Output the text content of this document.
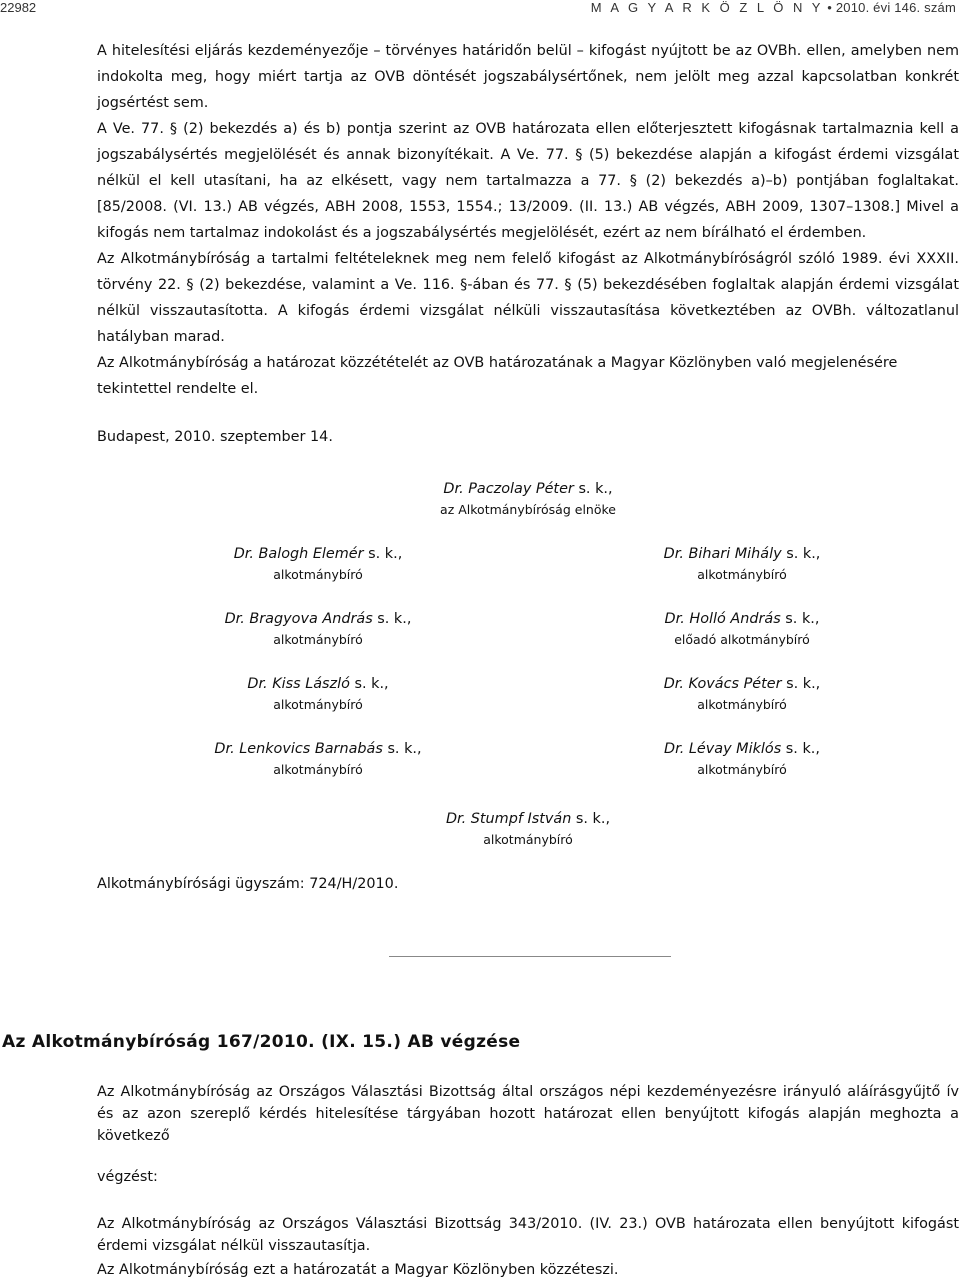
22982	M A G Y A R K Ö Z L Ö N Y • 2010. évi 146. szám

A hitelesítési eljárás kezdeményezője – törvényes határidőn belül – kifogást nyújtott be az OVBh. ellen, amelyben nem indokolta meg, hogy miért tartja az OVB döntését jogszabálysértőnek, nem jelölt meg azzal kapcsolatban konkrét jogsértést sem.

A Ve. 77. § (2) bekezdés a) és b) pontja szerint az OVB határozata ellen előterjesztett kifogásnak tartalmaznia kell a jogszabálysértés megjelölését és annak bizonyítékait. A Ve. 77. § (5) bekezdése alapján a kifogást érdemi vizsgálat nélkül el kell utasítani, ha az elkésett, vagy nem tartalmazza a 77. § (2) bekezdés a)–b) pontjában foglaltakat. [85/2008. (VI. 13.) AB végzés, ABH 2008, 1553, 1554.; 13/2009. (II. 13.) AB végzés, ABH 2009, 1307–1308.] Mivel a kifogás nem tartalmaz indokolást és a jogszabálysértés megjelölését, ezért az nem bírálható el érdemben.

Az Alkotmánybíróság a tartalmi feltételeknek meg nem felelő kifogást az Alkotmánybíróságról szóló 1989. évi XXXII. törvény 22. § (2) bekezdése, valamint a Ve. 116. §-ában és 77. § (5) bekezdésében foglaltak alapján érdemi vizsgálat nélkül visszautasította. A kifogás érdemi vizsgálat nélküli visszautasítása következtében az OVBh. változatlanul hatályban marad.

Az Alkotmánybíróság a határozat közzétételét az OVB határozatának a Magyar Közlönyben való megjelenésére tekintettel rendelte el.

Budapest, 2010. szeptember 14.
Dr. Paczolay Péter s. k.,
az Alkotmánybíróság elnöke
Dr. Balogh Elemér s. k.,
alkotmánybíró
Dr. Bihari Mihály s. k.,
alkotmánybíró
Dr. Bragyova András s. k.,
alkotmánybíró
Dr. Holló András s. k.,
előadó alkotmánybíró
Dr. Kiss László s. k.,
alkotmánybíró
Dr. Kovács Péter s. k.,
alkotmánybíró
Dr. Lenkovics Barnabás s. k.,
alkotmánybíró
Dr. Lévay Miklós s. k.,
alkotmánybíró
Dr. Stumpf István s. k.,
alkotmánybíró
Alkotmánybírósági ügyszám: 724/H/2010.
Az Alkotmánybíróság 167/2010. (IX. 15.) AB végzése
Az Alkotmánybíróság az Országos Választási Bizottság által országos népi kezdeményezésre irányuló aláírásgyűjtő ív és az azon szereplő kérdés hitelesítése tárgyában hozott határozat ellen benyújtott kifogás alapján meghozta a következő
végzést:
Az Alkotmánybíróság az Országos Választási Bizottság 343/2010. (IV. 23.) OVB határozata ellen benyújtott kifogást érdemi vizsgálat nélkül visszautasítja.
Az Alkotmánybíróság ezt a határozatát a Magyar Közlönyben közzéteszi.
